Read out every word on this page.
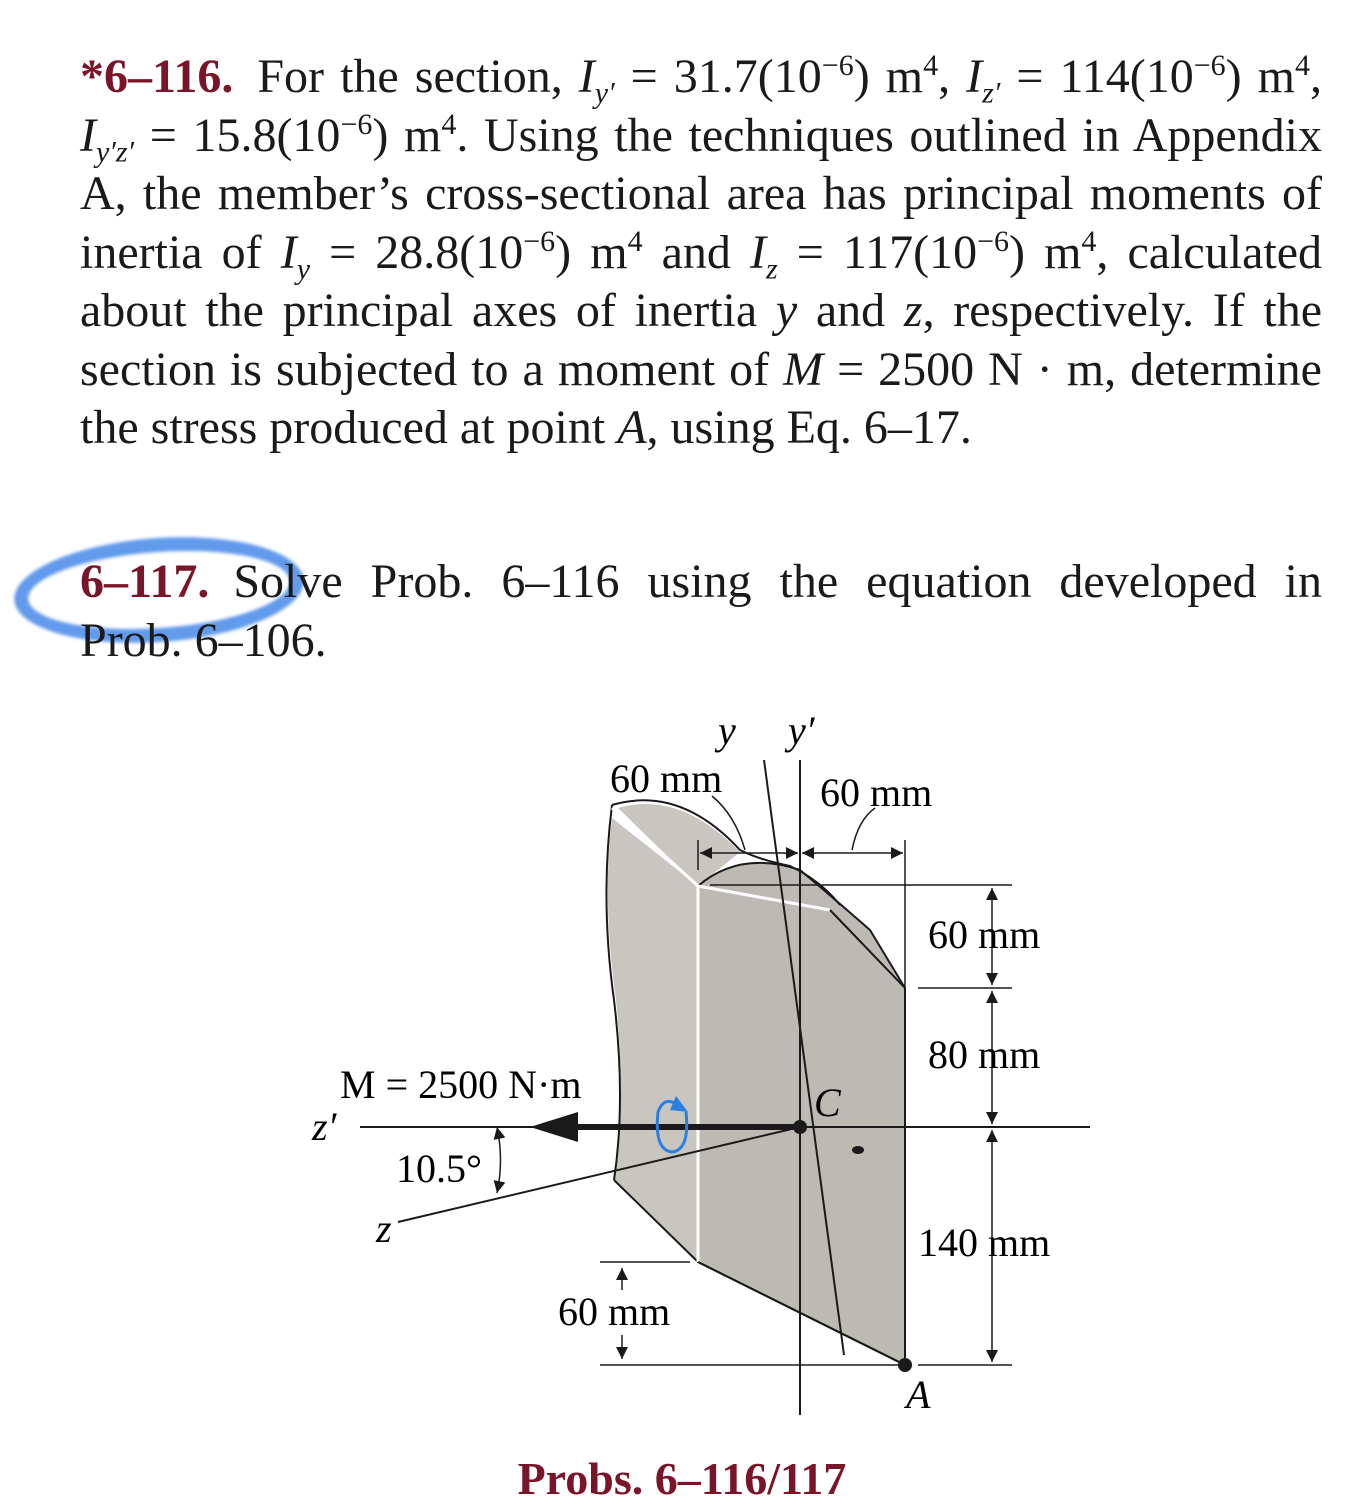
*6–116. For the section, $I_{y'} = 31.7(10^{-6})$ $m^4$, $I_{z'} = 114(10^{-6})$ $m^4$, $I_{y'z'} = 15.8(10^{-6})$ $m^4$. Using the techniques outlined in Appendix A, the member’s cross-sectional area has principal moments of inertia of $I_y = 28.8(10^{-6})$ $m^4$ and $I_z = 117(10^{-6})$ $m^4$, calculated about the principal axes of inertia y and z, respectively. If the section is subjected to a moment of M = 2500 N · m, determine the stress produced at point A, using Eq. 6–17.
6–117. Solve Prob. 6–116 using the equation developed in Prob. 6–106.
y y′
60 mm 60 mm
60 mm
80 mm
140 mm
60 mm
M = 2500 N·m
z′
z
10.5°
C
A
Probs. 6–116/117
